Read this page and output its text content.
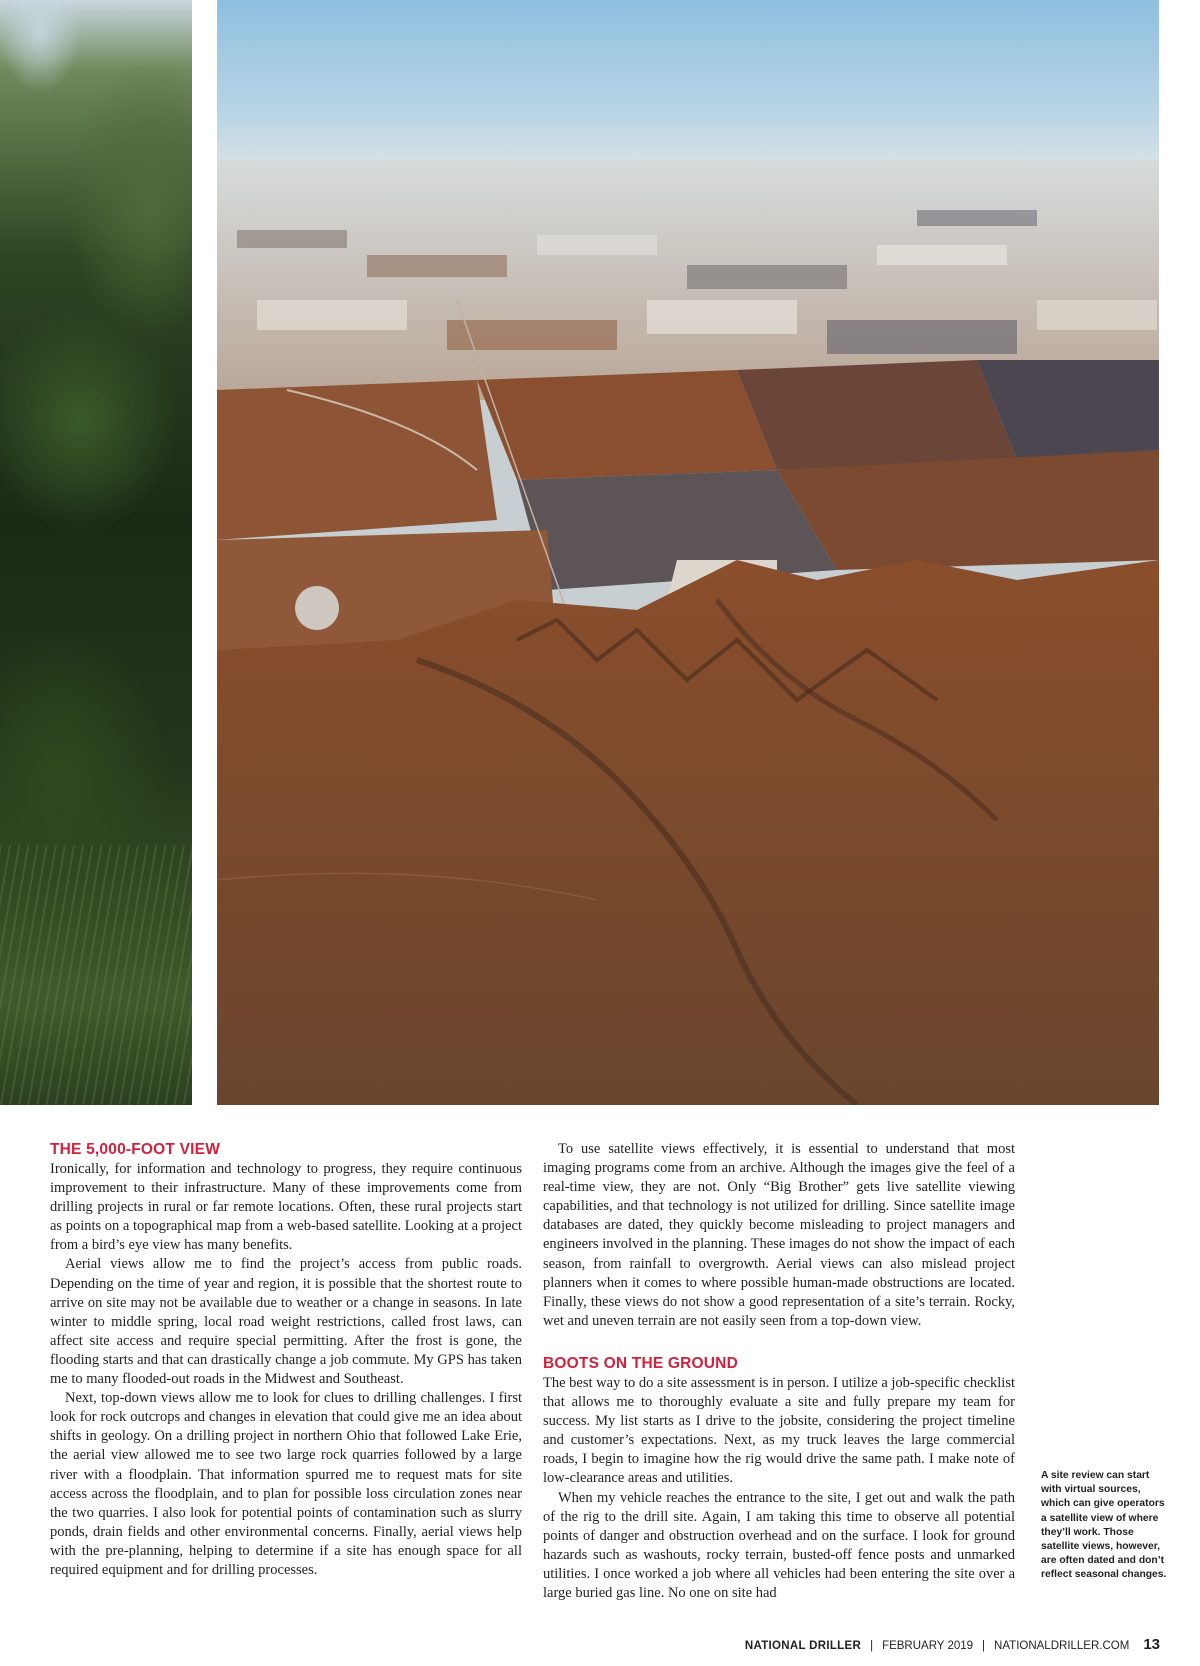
THE 5,000-FOOT VIEW

Ironically, for information and technology to progress, they require continuous improvement to their infrastructure. Many of these improvements come from drilling projects in rural or far remote locations. Often, these rural projects start as points on a topographical map from a web-based satellite. Looking at a project from a bird’s eye view has many benefits.

Aerial views allow me to find the project’s access from public roads. Depending on the time of year and region, it is possible that the shortest route to arrive on site may not be available due to weather or a change in seasons. In late winter to middle spring, local road weight restrictions, called frost laws, can affect site access and require special permitting. After the frost is gone, the flooding starts and that can drastically change a job commute. My GPS has taken me to many flooded-out roads in the Midwest and Southeast.

Next, top-down views allow me to look for clues to drilling challenges. I first look for rock outcrops and changes in elevation that could give me an idea about shifts in geology. On a drilling project in northern Ohio that followed Lake Erie, the aerial view allowed me to see two large rock quarries followed by a large river with a floodplain. That information spurred me to request mats for site access across the floodplain, and to plan for possible loss circulation zones near the two quarries. I also look for potential points of contamination such as slurry ponds, drain fields and other environmental concerns. Finally, aerial views help with the pre-planning, helping to determine if a site has enough space for all required equipment and for drilling processes.

To use satellite views effectively, it is essential to understand that most imaging programs come from an archive. Although the images give the feel of a real-time view, they are not. Only “Big Brother” gets live satellite viewing capabilities, and that technology is not utilized for drilling. Since satellite image databases are dated, they quickly become misleading to project managers and engineers involved in the planning. These images do not show the impact of each season, from rainfall to overgrowth. Aerial views can also mislead project planners when it comes to where possible human-made obstructions are located. Finally, these views do not show a good representation of a site’s terrain. Rocky, wet and uneven terrain are not easily seen from a top-down view.

BOOTS ON THE GROUND

The best way to do a site assessment is in person. I utilize a job-specific checklist that allows me to thoroughly evaluate a site and fully prepare my team for success. My list starts as I drive to the jobsite, considering the project timeline and customer’s expectations. Next, as my truck leaves the large commercial roads, I begin to imagine how the rig would drive the same path. I make note of low-clearance areas and utilities.

When my vehicle reaches the entrance to the site, I get out and walk the path of the rig to the drill site. Again, I am taking this time to observe all potential points of danger and obstruction overhead and on the surface. I look for ground hazards such as washouts, rocky terrain, busted-off fence posts and unmarked utilities. I once worked a job where all vehicles had been entering the site over a large buried gas line. No one on site had

A site review can start with virtual sources, which can give operators a satellite view of where they’ll work. Those satellite views, however, are often dated and don’t reflect seasonal changes.
NATIONAL DRILLER | FEBRUARY 2019 | NATIONALDRILLER.COM 13
